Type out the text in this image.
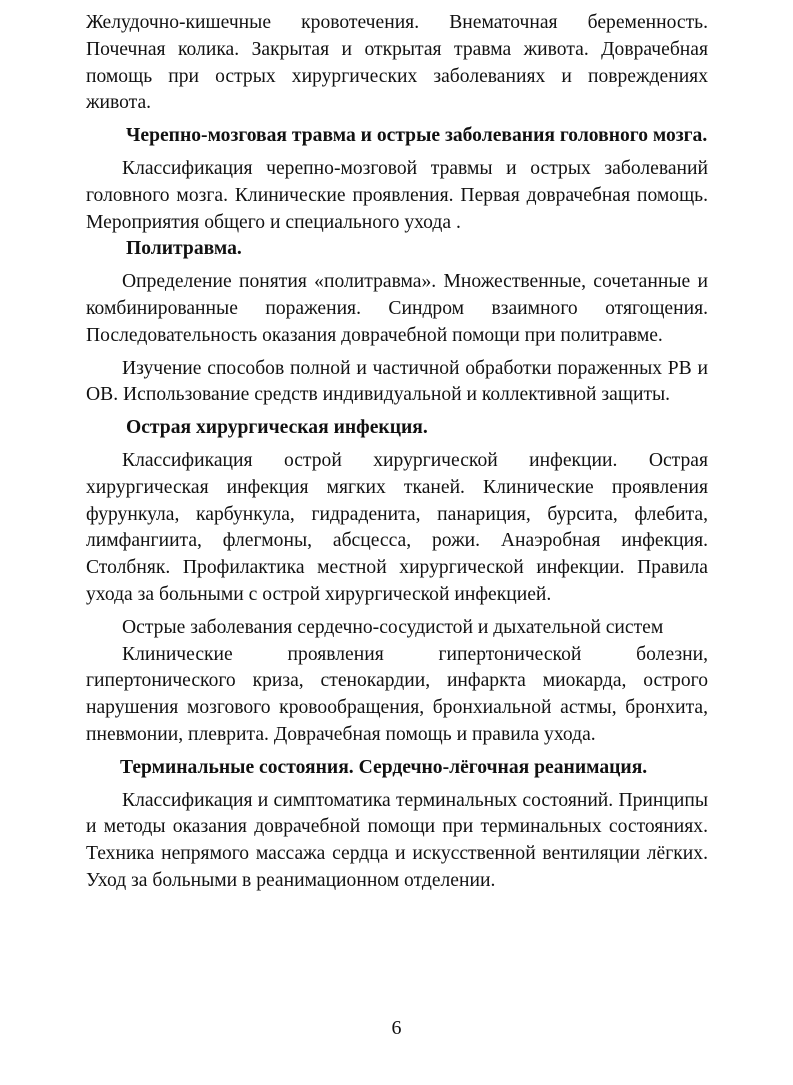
Желудочно-кишечные кровотечения. Внематочная беременность. Почечная колика. Закрытая и открытая травма живота. Доврачебная помощь при острых хирургических заболеваниях и повреждениях живота.

Черепно-мозговая травма и острые заболевания головного мозга.

Классификация черепно-мозговой травмы и острых заболеваний головного мозга. Клинические проявления. Первая доврачебная помощь. Мероприятия общего и специального ухода .

Политравма.

Определение понятия «политравма». Множественные, сочетанные и комбинированные поражения. Синдром взаимного отягощения. Последовательность оказания доврачебной помощи при политравме.

Изучение способов полной и частичной обработки пораженных РВ и ОВ. Использование средств индивидуальной и коллективной защиты.

Острая хирургическая инфекция.

Классификация острой хирургической инфекции. Острая хирургическая инфекция мягких тканей. Клинические проявления фурункула, карбункула, гидраденита, панариция, бурсита, флебита, лимфангиита, флегмоны, абсцесса, рожи. Анаэробная инфекция. Столбняк. Профилактика местной хирургической инфекции. Правила ухода за больными с острой хирургической инфекцией.

Острые заболевания сердечно-сосудистой и дыхательной систем

Клинические проявления гипертонической болезни, гипертонического криза, стенокардии, инфаркта миокарда, острого нарушения мозгового кровообращения, бронхиальной астмы, бронхита, пневмонии, плеврита. Доврачебная помощь и правила ухода.

Терминальные состояния. Сердечно-лёгочная реанимация.

Классификация и симптоматика терминальных состояний. Принципы и методы оказания доврачебной помощи при терминальных состояниях. Техника непрямого массажа сердца и искусственной вентиляции лёгких. Уход за больными в реанимационном отделении.

6
